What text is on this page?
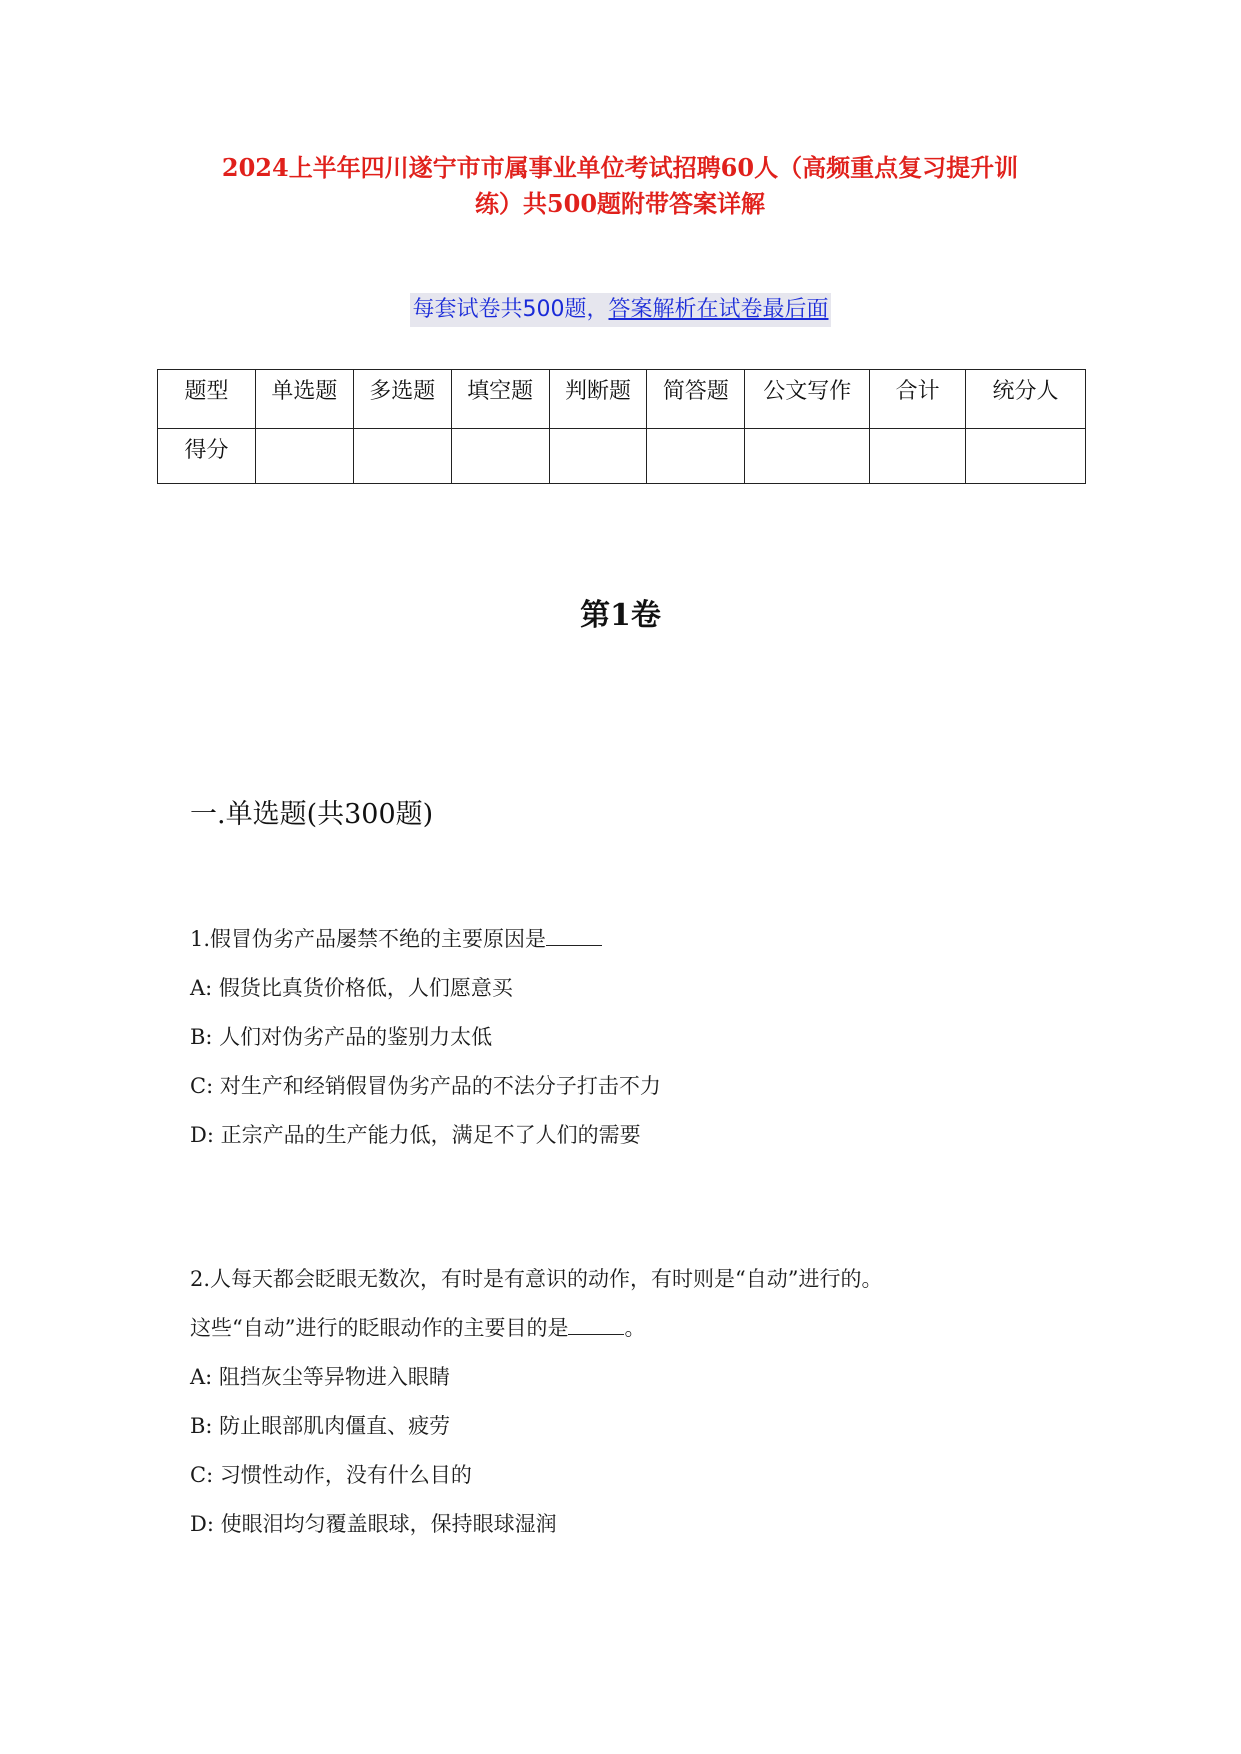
2024上半年四川遂宁市市属事业单位考试招聘60人（高频重点复习提升训
练）共500题附带答案详解
每套试卷共500题，答案解析在试卷最后面
题型	单选题	多选题	填空题	判断题	简答题	公文写作	合计	统分人
得分								
第1卷
一.单选题(共300题)
1.假冒伪劣产品屡禁不绝的主要原因是
A: 假货比真货价格低，人们愿意买
B: 人们对伪劣产品的鉴别力太低
C: 对生产和经销假冒伪劣产品的不法分子打击不力
D: 正宗产品的生产能力低，满足不了人们的需要
2.人每天都会眨眼无数次，有时是有意识的动作，有时则是“自动”进行的。
这些“自动”进行的眨眼动作的主要目的是	。
A: 阻挡灰尘等异物进入眼睛
B: 防止眼部肌肉僵直、疲劳
C: 习惯性动作，没有什么目的
D: 使眼泪均匀覆盖眼球，保持眼球湿润
